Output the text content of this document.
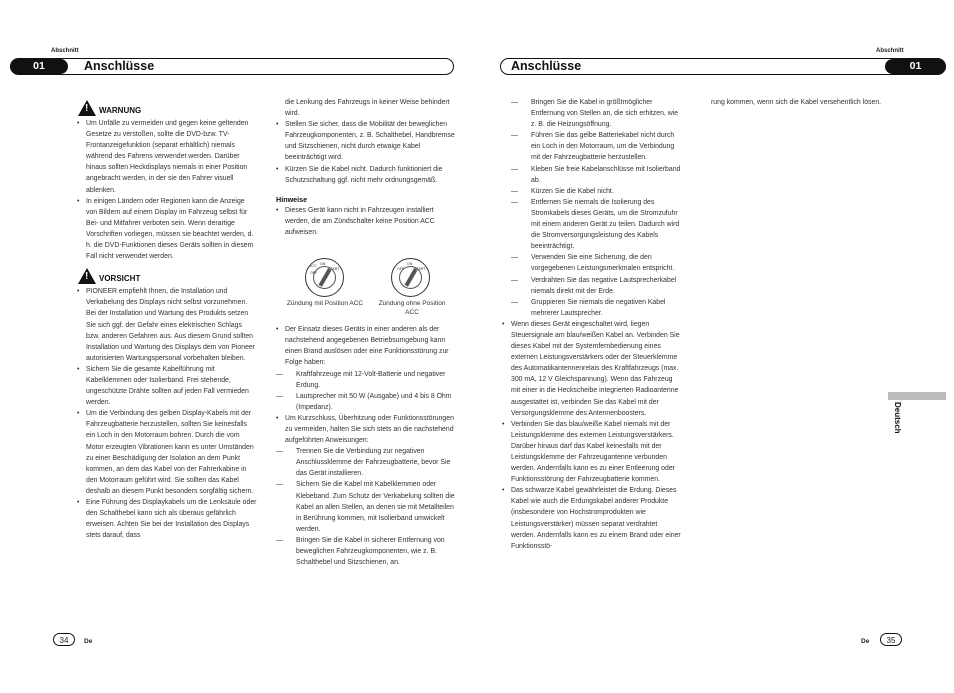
Abschnitt
01	Anschlüsse
Abschnitt
01
Anschlüsse
! WARNUNG

• Um Unfälle zu vermeiden und gegen keine geltenden Gesetze zu verstoßen, sollte die DVD-bzw. TV-Frontanzeigefunktion (separat erhältlich) niemals während des Fahrens verwendet werden. Darüber hinaus sollten Heckdisplays niemals in einer Position angebracht werden, in der sie den Fahrer visuell ablenken.

• In einigen Ländern oder Regionen kann die Anzeige von Bildern auf einem Display im Fahrzeug selbst für Bei- und Mitfahrer verboten sein. Wenn derartige Vorschriften vorliegen, müssen sie beachtet werden, d. h. die DVD-Funktionen dieses Geräts sollten in diesem Fall nicht verwendet werden.

! VORSICHT

• PIONEER empfiehlt Ihnen, die Installation und Verkabelung des Displays nicht selbst vorzunehmen. Bei der Installation und Wartung des Produkts setzen Sie sich ggf. der Gefahr eines elektrischen Schlags bzw. anderen Gefahren aus. Aus diesem Grund sollten Installation und Wartung des Displays dem von Pioneer autorisierten Wartungspersonal vorbehalten bleiben.

• Sichern Sie die gesamte Kabelführung mit Kabelklemmen oder Isolierband. Frei stehende, ungeschützte Drähte sollten auf jeden Fall vermieden werden.

• Um die Verbindung des gelben Display-Kabels mit der Fahrzeugbatterie herzustellen, sollten Sie keinesfalls ein Loch in den Motorraum bohren. Durch die vom Motor erzeugten Vibrationen kann es unter Umständen zu einer Beschädigung der Isolation an dem Punkt kommen, an dem das Kabel von der Fahrerkabine in den Motorraum geführt wird. Sie sollten das Kabel deshalb an diesem Punkt besonders sorgfältig sichern.

• Eine Führung des Displaykabels um die Lenksäule oder den Schalthebel kann sich als überaus gefährlich erweisen. Achten Sie bei der Installation des Displays stets darauf, dass

die Lenkung des Fahrzeugs in keiner Weise behindert wird.

• Stellen Sie sicher, dass die Mobilität der beweglichen Fahrzeugkomponenten, z. B. Schalthebel, Handbremse und Sitzschienen, nicht durch etwaige Kabel beeinträchtigt wird.

• Kürzen Sie die Kabel nicht. Dadurch funktioniert die Schutzschaltung ggf. nicht mehr ordnungsgemäß.

Hinweise

• Dieses Gerät kann nicht in Fahrzeugen installiert werden, die am Zündschalter keine Position ACC aufweisen.

• Der Einsatz dieses Geräts in einer anderen als der nachstehend angegebenen Betriebsumgebung kann einen Brand auslösen oder eine Funktionsstörung zur Folge haben:

— Kraftfahrzeuge mit 12-Volt-Batterie und negativer Erdung.

— Lautsprecher mit 50 W (Ausgabe) und 4 bis 8 Ohm (Impedanz).

• Um Kurzschluss, Überhitzung oder Funktionsstörungen zu vermeiden, halten Sie sich stets an die nachstehend aufgeführten Anweisungen:

— Trennen Sie die Verbindung zur negativen Anschlussklemme der Fahrzeugbatterie, bevor Sie das Gerät installieren.

— Sichern Sie die Kabel mit Kabelklemmen oder Klebeband. Zum Schutz der Verkabelung sollten die Kabel an allen Stellen, an denen sie mit Metallteilen in Berührung kommen, mit Isolierband umwickelt werden.

— Bringen Sie die Kabel in sicherer Entfernung von beweglichen Fahrzeugkomponenten, wie z. B. Schalthebel und Sitzschienen, an.

OFF
ON
ACC
START	OFF
ON
START
Zündung mit Position ACC Zündung ohne Position ACC

— Bringen Sie die Kabel in größtmöglicher Entfernung von Stellen an, die sich erhitzen, wie z. B. die Heizungsöffnung.

— Führen Sie das gelbe Batteriekabel nicht durch ein Loch in den Motorraum, um die Verbindung mit der Fahrzeugbatterie herzustellen.

— Kleben Sie freie Kabelanschlüsse mit Isolierband ab.

— Kürzen Sie die Kabel nicht.

— Entfernen Sie niemals die Isolierung des Stromkabels dieses Geräts, um die Stromzufuhr mit einem anderen Gerät zu teilen. Dadurch wird die Stromversorgungsleistung des Kabels beeinträchtigt.

— Verwenden Sie eine Sicherung, die den vorgegebenen Leistungsmerkmalen entspricht.

— Verdrahten Sie das negative Lautsprecherkabel niemals direkt mit der Erde.

— Gruppieren Sie niemals die negativen Kabel mehrerer Lautsprecher.

• Wenn dieses Gerät eingeschaltet wird, liegen Steuersignale am blau/weißen Kabel an. Verbinden Sie dieses Kabel mit der Systemfernbedienung eines externen Leistungsverstärkers oder der Steuerklemme des Automatikantennenrelais des Kraftfahrzeugs (max. 300 mA, 12 V Gleichspannung). Wenn das Fahrzeug mit einer in die Heckscheibe integrierten Radioantenne ausgestattet ist, verbinden Sie das Kabel mit der Versorgungsklemme des Antennenboosters.

• Verbinden Sie das blau/weiße Kabel niemals mit der Leistungsklemme des externen Leistungsverstärkers. Darüber hinaus darf das Kabel keinesfalls mit der Leistungsklemme der Fahrzeugantenne verbunden werden. Andernfalls kann es zu einer Entleerung oder Funktionsstörung der Fahrzeugbatterie kommen.

• Das schwarze Kabel gewährleistet die Erdung. Dieses Kabel wie auch die Erdungskabel anderer Produkte (insbesondere von Hochstromprodukten wie Leistungsverstärker) müssen separat verdrahtet werden. Andernfalls kann es zu einem Brand oder einer Funktionsstö-

rung kommen, wenn sich die Kabel versehentlich lösen.

Deutsch
34	De	De	35
